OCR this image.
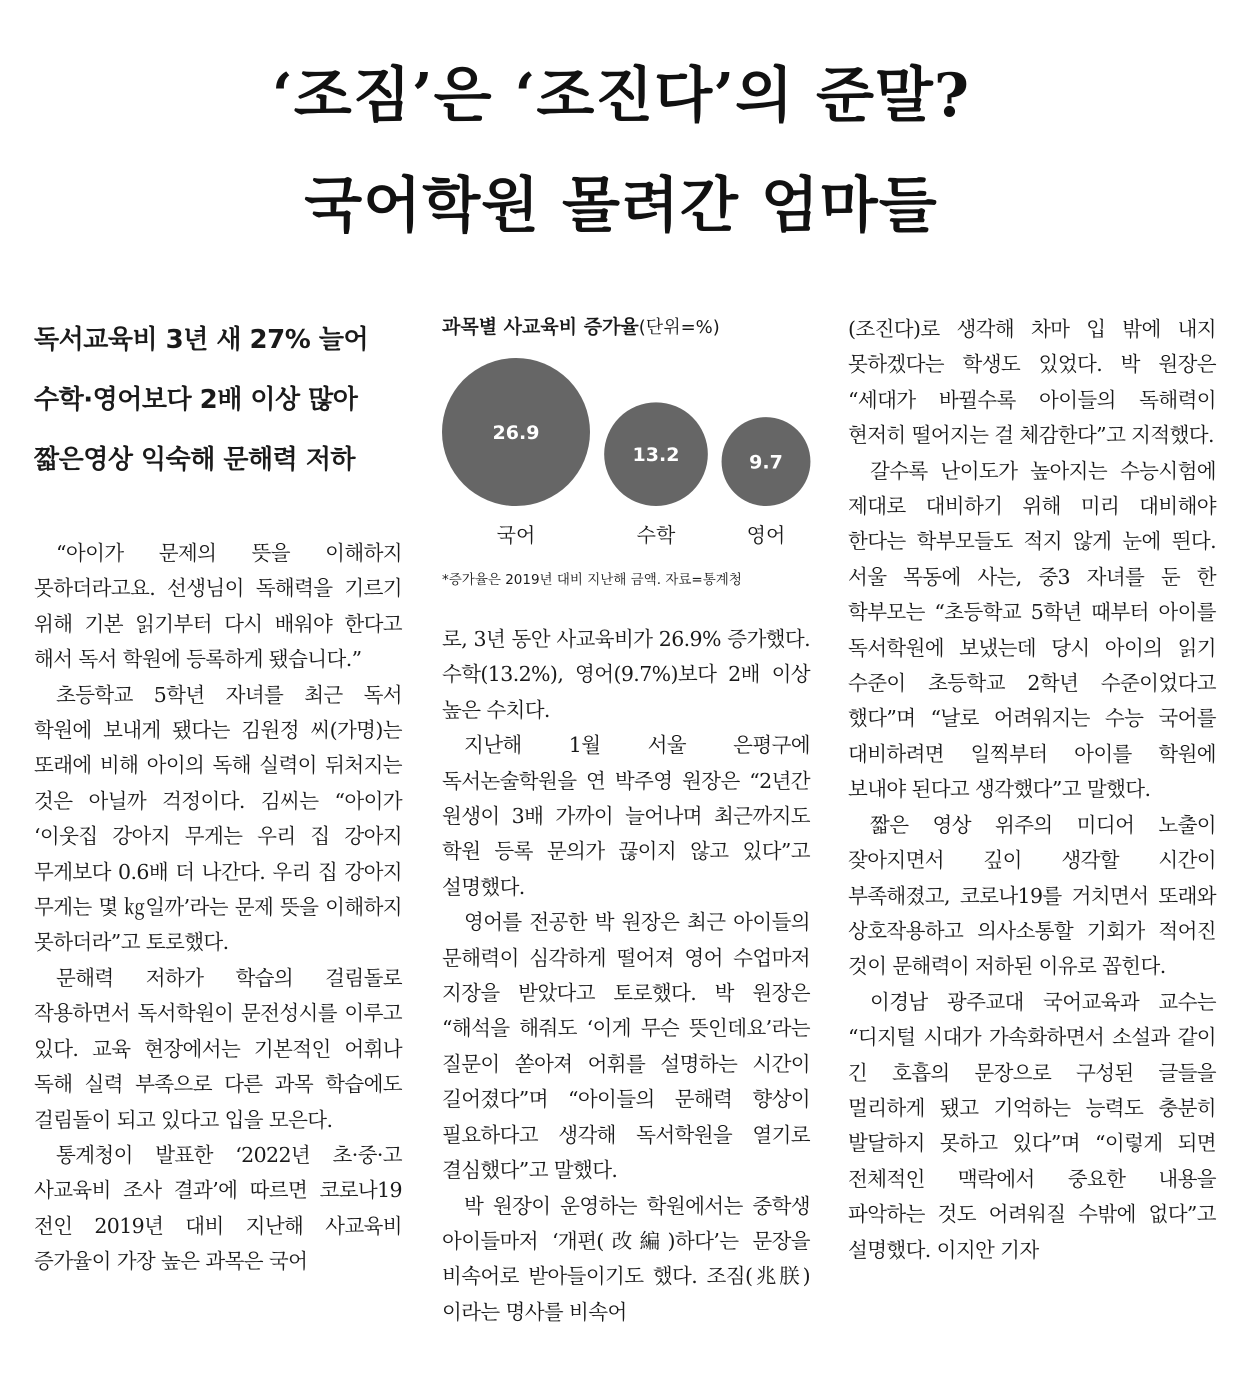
‘조짐’은 ‘조진다’의 준말?
국어학원 몰려간 엄마들
독서교육비 3년 새 27% 늘어
수학·영어보다 2배 이상 많아
짧은영상 익숙해 문해력 저하

“아이가 문제의 뜻을 이해하지 못하더라고요. 선생님이 독해력을 기르기 위해 기본 읽기부터 다시 배워야 한다고 해서 독서 학원에 등록하게 됐습니다.”

초등학교 5학년 자녀를 최근 독서 학원에 보내게 됐다는 김원정 씨(가명)는 또래에 비해 아이의 독해 실력이 뒤처지는 것은 아닐까 걱정이다. 김씨는 “아이가 ‘이웃집 강아지 무게는 우리 집 강아지 무게보다 0.6배 더 나간다. 우리 집 강아지 무게는 몇 ㎏일까’라는 문제 뜻을 이해하지 못하더라”고 토로했다.

문해력 저하가 학습의 걸림돌로 작용하면서 독서학원이 문전성시를 이루고 있다. 교육 현장에서는 기본적인 어휘나 독해 실력 부족으로 다른 과목 학습에도 걸림돌이 되고 있다고 입을 모은다.

통계청이 발표한 ‘2022년 초·중·고 사교육비 조사 결과’에 따르면 코로나19 전인 2019년 대비 지난해 사교육비 증가율이 가장 높은 과목은 국어

과목별 사교육비 증가율(단위=%)
26.9
국어
13.2
수학
9.7
영어
*증가율은 2019년 대비 지난해 금액. 자료=통계청

로, 3년 동안 사교육비가 26.9% 증가했다. 수학(13.2%), 영어(9.7%)보다 2배 이상 높은 수치다.

지난해 1월 서울 은평구에 독서논술학원을 연 박주영 원장은 “2년간 원생이 3배 가까이 늘어나며 최근까지도 학원 등록 문의가 끊이지 않고 있다”고 설명했다.

영어를 전공한 박 원장은 최근 아이들의 문해력이 심각하게 떨어져 영어 수업마저 지장을 받았다고 토로했다. 박 원장은 “해석을 해줘도 ‘이게 무슨 뜻인데요’라는 질문이 쏟아져 어휘를 설명하는 시간이 길어졌다”며 “아이들의 문해력 향상이 필요하다고 생각해 독서학원을 열기로 결심했다”고 말했다.

박 원장이 운영하는 학원에서는 중학생 아이들마저 ‘개편(改編)하다’는 문장을 비속어로 받아들이기도 했다. 조짐(兆朕)이라는 명사를 비속어

(조진다)로 생각해 차마 입 밖에 내지 못하겠다는 학생도 있었다. 박 원장은 “세대가 바뀔수록 아이들의 독해력이 현저히 떨어지는 걸 체감한다”고 지적했다.

갈수록 난이도가 높아지는 수능시험에 제대로 대비하기 위해 미리 대비해야 한다는 학부모들도 적지 않게 눈에 띈다. 서울 목동에 사는, 중3 자녀를 둔 한 학부모는 “초등학교 5학년 때부터 아이를 독서학원에 보냈는데 당시 아이의 읽기 수준이 초등학교 2학년 수준이었다고 했다”며 “날로 어려워지는 수능 국어를 대비하려면 일찍부터 아이를 학원에 보내야 된다고 생각했다”고 말했다.

짧은 영상 위주의 미디어 노출이 잦아지면서 깊이 생각할 시간이 부족해졌고, 코로나19를 거치면서 또래와 상호작용하고 의사소통할 기회가 적어진 것이 문해력이 저하된 이유로 꼽힌다.

이경남 광주교대 국어교육과 교수는 “디지털 시대가 가속화하면서 소설과 같이 긴 호흡의 문장으로 구성된 글들을 멀리하게 됐고 기억하는 능력도 충분히 발달하지 못하고 있다”며 “이렇게 되면 전체적인 맥락에서 중요한 내용을 파악하는 것도 어려워질 수밖에 없다”고 설명했다. 이지안 기자
